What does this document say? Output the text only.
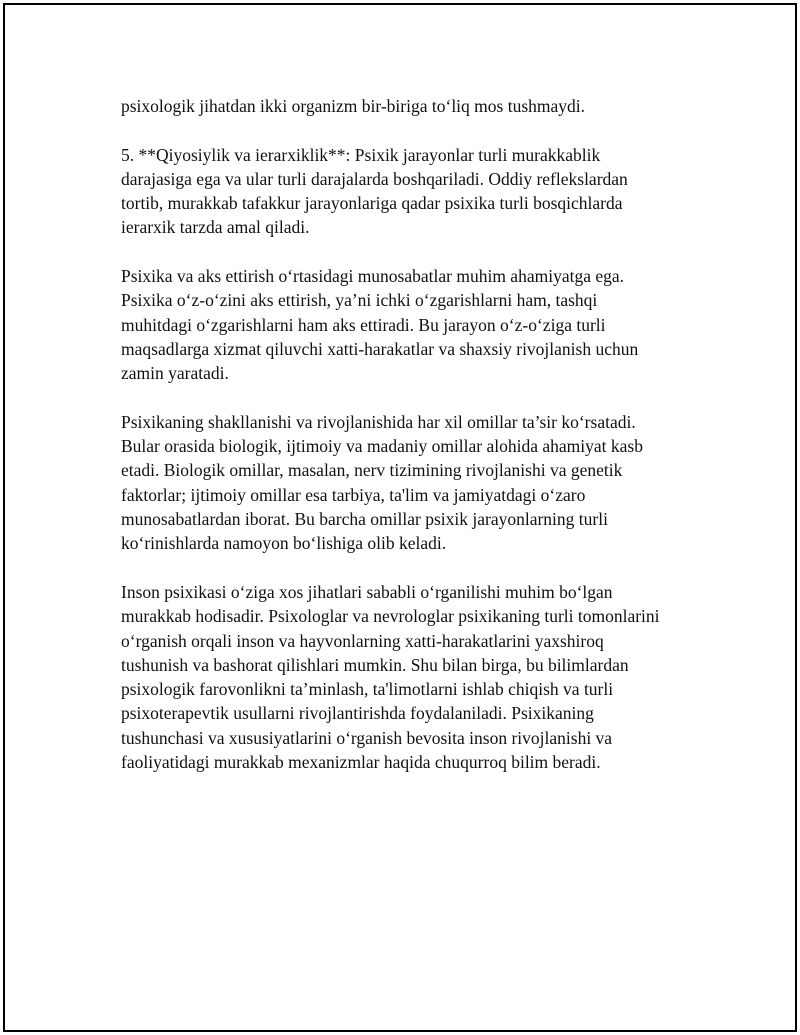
psixologik jihatdan ikki organizm bir-biriga to‘liq mos tushmaydi.

5. **Qiyosiylik va ierarxiklik**: Psixik jarayonlar turli murakkablik
darajasiga ega va ular turli darajalarda boshqariladi. Oddiy reflekslardan
tortib, murakkab tafakkur jarayonlariga qadar psixika turli bosqichlarda
ierarxik tarzda amal qiladi.

Psixika va aks ettirish o‘rtasidagi munosabatlar muhim ahamiyatga ega.
Psixika o‘z-o‘zini aks ettirish, ya’ni ichki o‘zgarishlarni ham, tashqi
muhitdagi o‘zgarishlarni ham aks ettiradi. Bu jarayon o‘z-o‘ziga turli
maqsadlarga xizmat qiluvchi xatti-harakatlar va shaxsiy rivojlanish uchun
zamin yaratadi.

Psixikaning shakllanishi va rivojlanishida har xil omillar ta’sir ko‘rsatadi.
Bular orasida biologik, ijtimoiy va madaniy omillar alohida ahamiyat kasb
etadi. Biologik omillar, masalan, nerv tizimining rivojlanishi va genetik
faktorlar; ijtimoiy omillar esa tarbiya, ta'lim va jamiyatdagi o‘zaro
munosabatlardan iborat. Bu barcha omillar psixik jarayonlarning turli
ko‘rinishlarda namoyon bo‘lishiga olib keladi.

Inson psixikasi o‘ziga xos jihatlari sababli o‘rganilishi muhim bo‘lgan
murakkab hodisadir. Psixologlar va nevrologlar psixikaning turli tomonlarini
o‘rganish orqali inson va hayvonlarning xatti-harakatlarini yaxshiroq
tushunish va bashorat qilishlari mumkin. Shu bilan birga, bu bilimlardan
psixologik farovonlikni ta’minlash, ta'limotlarni ishlab chiqish va turli
psixoterapevtik usullarni rivojlantirishda foydalaniladi. Psixikaning
tushunchasi va xususiyatlarini o‘rganish bevosita inson rivojlanishi va
faoliyatidagi murakkab mexanizmlar haqida chuqurroq bilim beradi.
